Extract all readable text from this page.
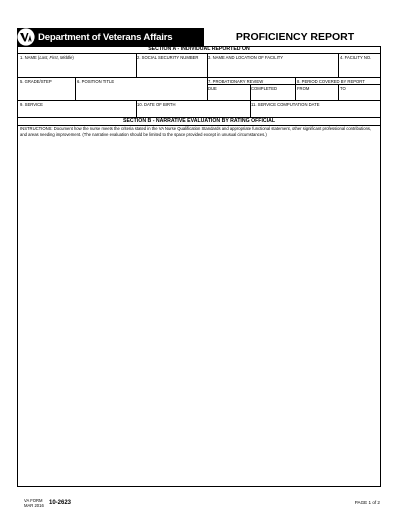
Department of Veterans Affairs	PROFICIENCY REPORT
SECTION A - INDIVIDUAL REPORTED ON
1. NAME (Last, First, Middle)	2. SOCIAL SECURITY NUMBER 3. NAME AND LOCATION OF FACILITY	4. FACILITY NO.
5. GRADE/STEP	6. POSITION TITLE	7. PROBATIONARY REVIEW	8. PERIOD COVERED BY REPORT
DUE	COMPLETED	FROM	TO
9. SERVICE	10. DATE OF BIRTH	11. SERVICE COMPUTATION DATE
SECTION B - NARRATIVE EVALUATION BY RATING OFFICIAL
INSTRUCTIONS: Document how the nurse meets the criteria stated in the VA Nurse Qualification Standards and appropriate functional statement, other significant professional contributions, and areas needing improvement. (The narrative evaluation should be limited to the space provided except in unusual circumstances.)
VA FORM
MAR 2016 10-2623	PAGE 1 of 2
